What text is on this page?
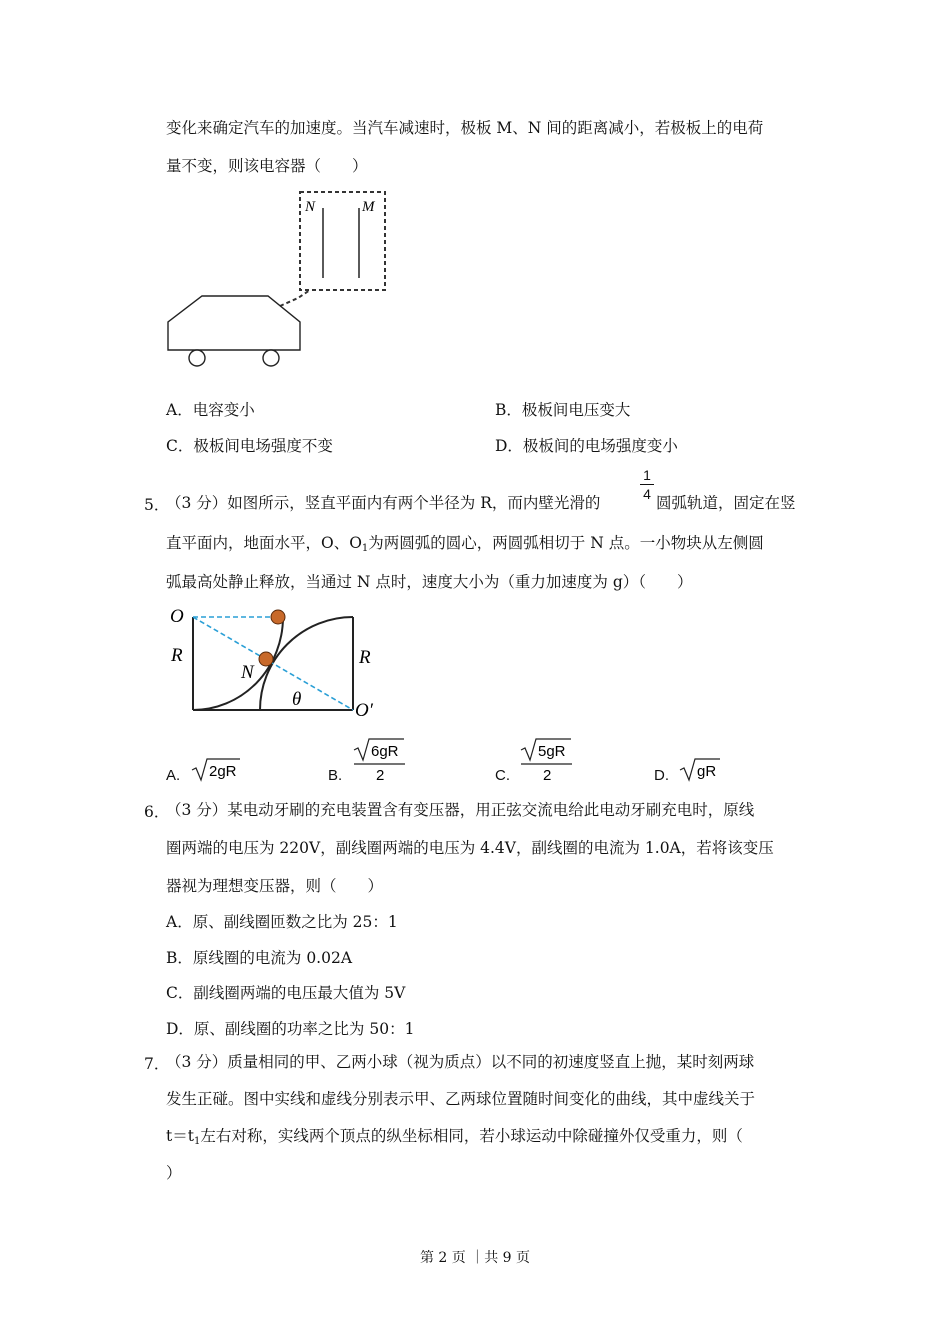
变化来确定汽车的加速度。当汽车减速时，极板 M、N 间的距离减小，若极板上的电荷
量不变，则该电容器（　　）
N	M
A．电容变小	B．极板间电压变大
C．极板间电场强度不变	D．极板间的电场强度变小
5．
（3 分）如图所示，竖直平面内有两个半径为 R，而内壁光滑的
1
4 圆弧轨道，固定在竖
直平面内，地面水平，O、$O_1$为两圆弧的圆心，两圆弧相切于 N 点。一小物块从左侧圆
弧最高处静止释放，当通过 N 点时，速度大小为（重力加速度为 g）（　　）
O
R
N
R
θ
O′
A. 2gR	B.
6gR
2	C.
5gR
2	D. gR
6．
（3 分）某电动牙刷的充电装置含有变压器，用正弦交流电给此电动牙刷充电时，原线
圈两端的电压为 220V，副线圈两端的电压为 4.4V，副线圈的电流为 1.0A，若将该变压
器视为理想变压器，则（　　）
A．原、副线圈匝数之比为 25：1
B．原线圈的电流为 0.02A
C．副线圈两端的电压最大值为 5V
D．原、副线圈的功率之比为 50：1
7．
（3 分）质量相同的甲、乙两小球（视为质点）以不同的初速度竖直上抛，某时刻两球
发生正碰。图中实线和虚线分别表示甲、乙两球位置随时间变化的曲线，其中虚线关于
$t=t_1$左右对称，实线两个顶点的纵坐标相同，若小球运动中除碰撞外仅受重力，则（
）
第 2 页 ｜共 9 页
